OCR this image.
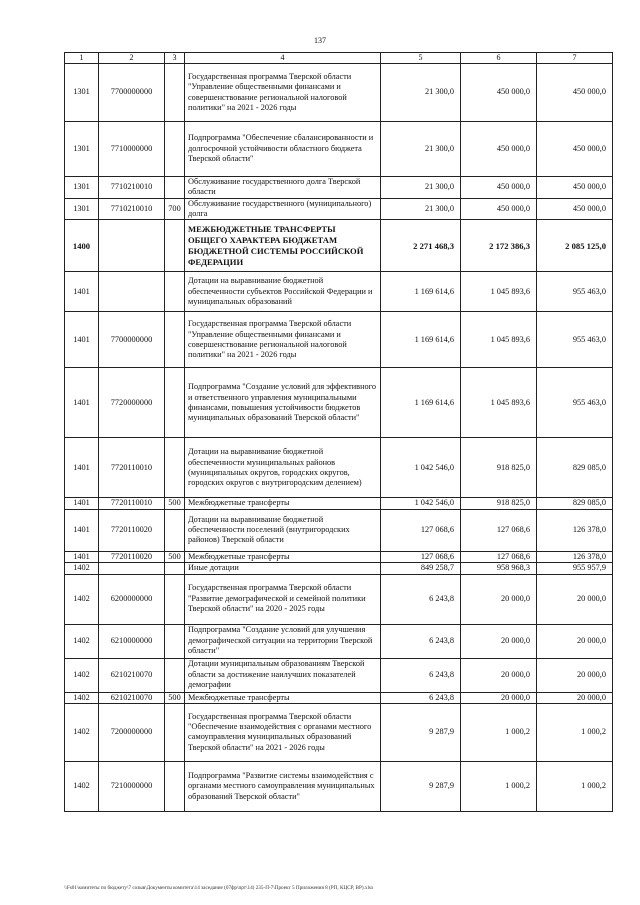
137
1	2	3	4	5	6	7
1301	7700000000		Государственная программа Тверской области "Управление общественными финансами и совершенствование региональной налоговой политики" на 2021 - 2026 годы	21 300,0	450 000,0	450 000,0
1301	7710000000		Подпрограмма "Обеспечение сбалансированности и долгосрочной устойчивости областного бюджета Тверской области"	21 300,0	450 000,0	450 000,0
1301	7710210010		Обслуживание государственного долга Тверской области	21 300,0	450 000,0	450 000,0
1301	7710210010	700	Обслуживание государственного (муниципального) долга	21 300,0	450 000,0	450 000,0
1400			МЕЖБЮДЖЕТНЫЕ ТРАНСФЕРТЫ ОБЩЕГО ХАРАКТЕРА БЮДЖЕТАМ БЮДЖЕТНОЙ СИСТЕМЫ РОССИЙСКОЙ ФЕДЕРАЦИИ	2 271 468,3	2 172 386,3	2 085 125,0
1401			Дотации на выравнивание бюджетной обеспеченности субъектов Российской Федерации и муниципальных образований	1 169 614,6	1 045 893,6	955 463,0
1401	7700000000		Государственная программа Тверской области "Управление общественными финансами и совершенствование региональной налоговой политики" на 2021 - 2026 годы	1 169 614,6	1 045 893,6	955 463,0
1401	7720000000		Подпрограмма "Создание условий для эффективного и ответственного управления муниципальными финансами, повышения устойчивости бюджетов муниципальных образований Тверской области"	1 169 614,6	1 045 893,6	955 463,0
1401	7720110010		Дотации на выравнивание бюджетной обеспеченности муниципальных районов (муниципальных округов, городских округов, городских округов с внутригородским делением)	1 042 546,0	918 825,0	829 085,0
1401	7720110010	500	Межбюджетные трансферты	1 042 546,0	918 825,0	829 085,0
1401	7720110020		Дотации на выравнивание бюджетной обеспеченности поселений (внутригородских районов) Тверской области	127 068,6	127 068,6	126 378,0
1401	7720110020	500	Межбюджетные трансферты	127 068,6	127 068,6	126 378,0
1402			Иные дотации	849 258,7	958 968,3	955 957,9
1402	6200000000		Государственная программа Тверской области "Развитие демографической и семейной политики Тверской области" на 2020 - 2025 годы	6 243,8	20 000,0	20 000,0
1402	6210000000		Подпрограмма "Создание условий для улучшения демографической ситуации на территории Тверской области"	6 243,8	20 000,0	20 000,0
1402	6210210070		Дотации муниципальным образованиям Тверской области за достижение наилучших показателей демографии	6 243,8	20 000,0	20 000,0
1402	6210210070	500	Межбюджетные трансферты	6 243,8	20 000,0	20 000,0
1402	7200000000		Государственная программа Тверской области "Обеспечение взаимодействия с органами местного самоуправления муниципальных образований Тверской области" на 2021 - 2026 годы	9 287,9	1 000,2	1 000,2
1402	7210000000		Подпрограмма "Развитие системы взаимодействия с органами местного самоуправления муниципальных образований Тверской области"	9 287,9	1 000,2	1 000,2
\\Fs01\комитеты по бюджету\7 созыв\Документы комитета\14 заседание (07фр\прт\14) 235-П-7\Проект 5 Приложения 8 (РП, КЦСР, ВР).xlsx
